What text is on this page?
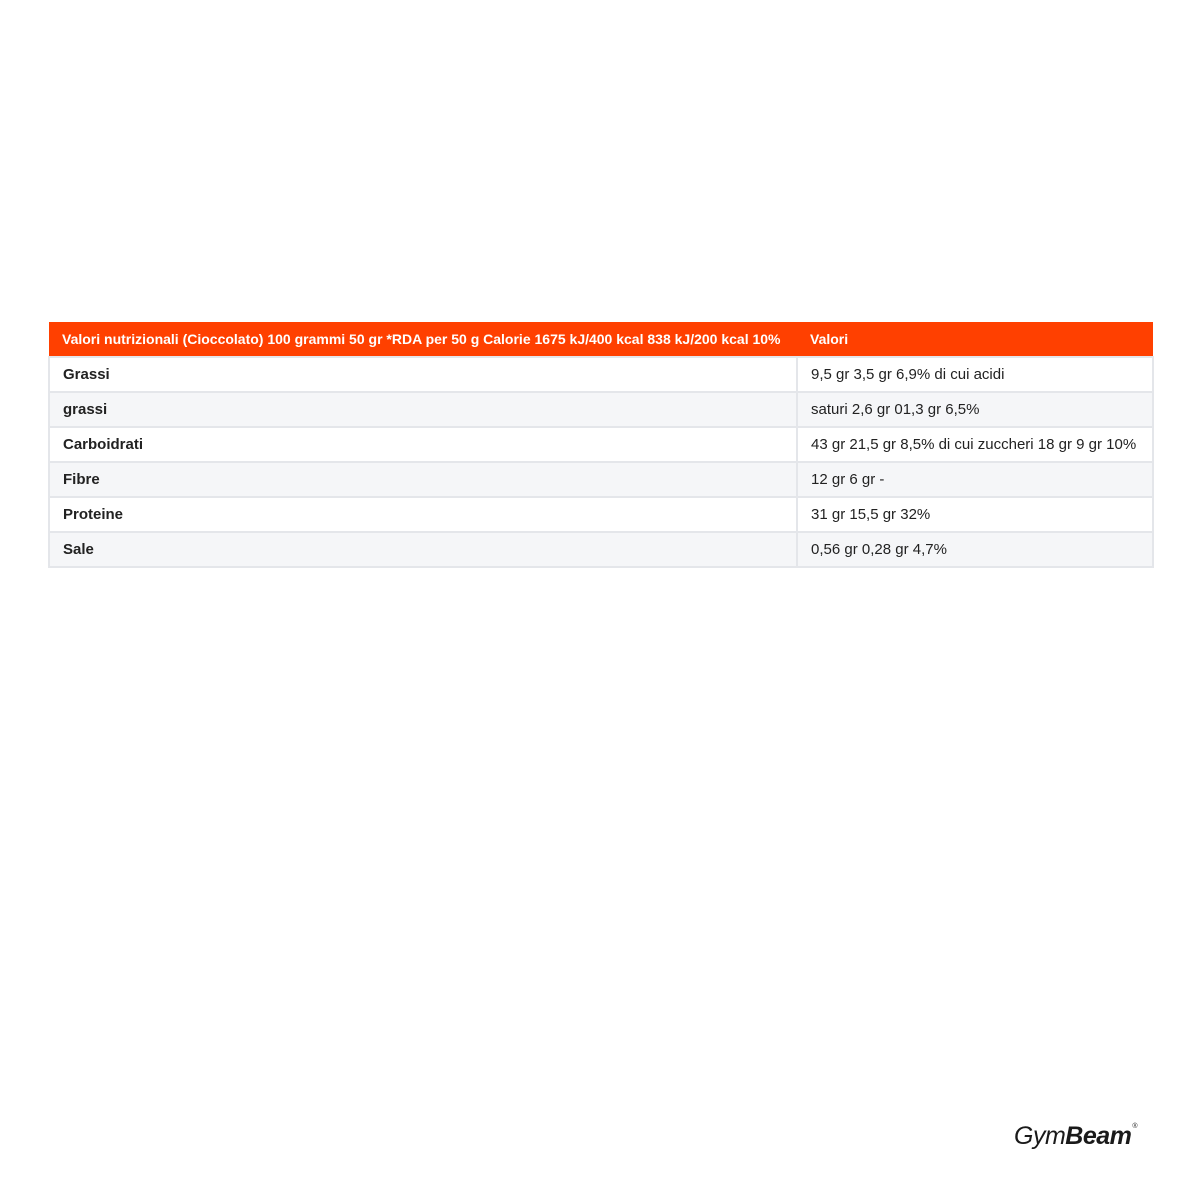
Valori nutrizionali (Cioccolato) 100 grammi 50 gr *RDA per 50 g Calorie 1675 kJ/400 kcal 838 kJ/200 kcal 10%	Valori
Grassi	9,5 gr 3,5 gr 6,9% di cui acidi
grassi	saturi 2,6 gr 01,3 gr 6,5%
Carboidrati	43 gr 21,5 gr 8,5% di cui zuccheri 18 gr 9 gr 10%
Fibre	12 gr 6 gr -
Proteine	31 gr 15,5 gr 32%
Sale	0,56 gr 0,28 gr 4,7%
GymBeam®
